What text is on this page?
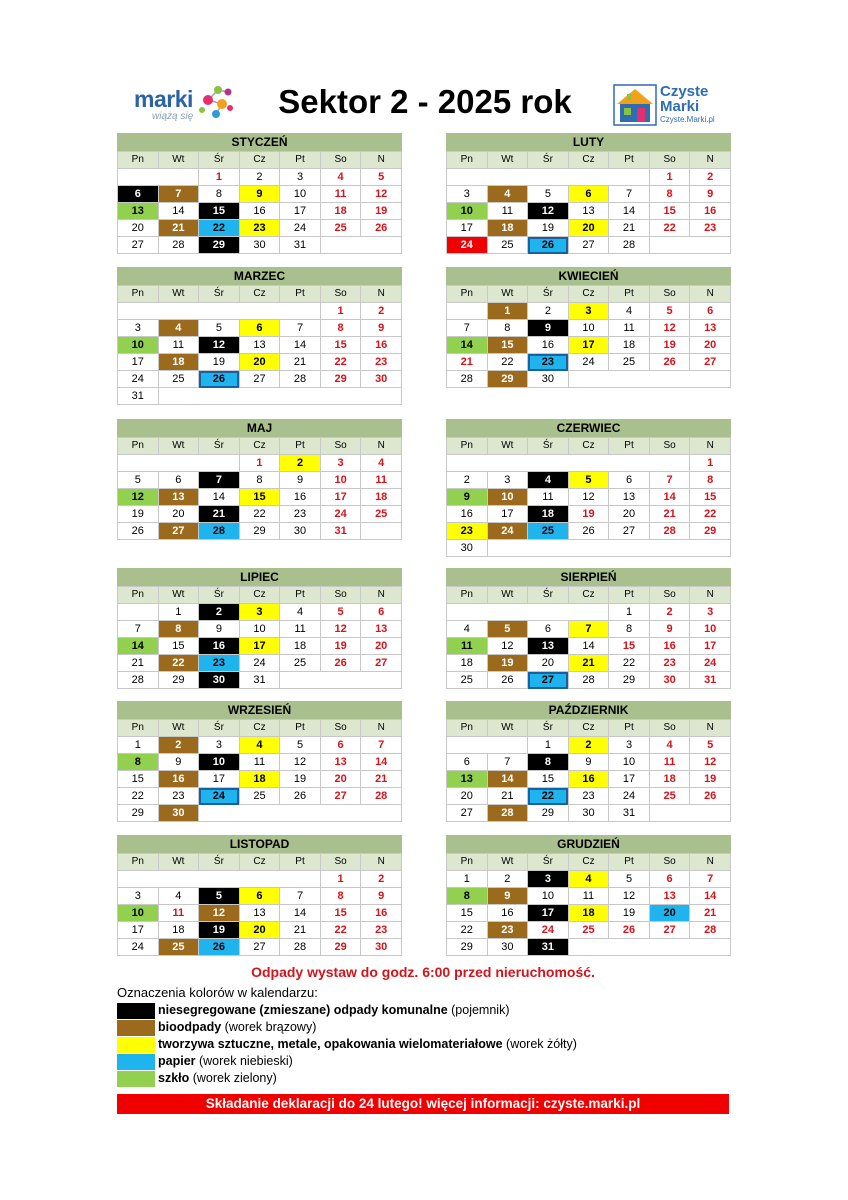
marki
wiążą się	Sektor 2 - 2025 rok	Czyste
Marki
Czyste.Marki.pl
STYCZEŃ
Pn	Wt	Śr	Cz	Pt	So	N
		1	2	3	4	5
6	7	8	9	10	11	12
13	14	15	16	17	18	19
20	21	22	23	24	25	26
27	28	29	30	31		
LUTY
Pn	Wt	Śr	Cz	Pt	So	N
					1	2
3	4	5	6	7	8	9
10	11	12	13	14	15	16
17	18	19	20	21	22	23
24	25	26	27	28		
MARZEC
Pn	Wt	Śr	Cz	Pt	So	N
					1	2
3	4	5	6	7	8	9
10	11	12	13	14	15	16
17	18	19	20	21	22	23
24	25	26	27	28	29	30
31						
KWIECIEŃ
Pn	Wt	Śr	Cz	Pt	So	N
	1	2	3	4	5	6
7	8	9	10	11	12	13
14	15	16	17	18	19	20
21	22	23	24	25	26	27
28	29	30				
MAJ
Pn	Wt	Śr	Cz	Pt	So	N
			1	2	3	4
5	6	7	8	9	10	11
12	13	14	15	16	17	18
19	20	21	22	23	24	25
26	27	28	29	30	31	
CZERWIEC
Pn	Wt	Śr	Cz	Pt	So	N
						1
2	3	4	5	6	7	8
9	10	11	12	13	14	15
16	17	18	19	20	21	22
23	24	25	26	27	28	29
30						
LIPIEC
Pn	Wt	Śr	Cz	Pt	So	N
	1	2	3	4	5	6
7	8	9	10	11	12	13
14	15	16	17	18	19	20
21	22	23	24	25	26	27
28	29	30	31			
SIERPIEŃ
Pn	Wt	Śr	Cz	Pt	So	N
				1	2	3
4	5	6	7	8	9	10
11	12	13	14	15	16	17
18	19	20	21	22	23	24
25	26	27	28	29	30	31
WRZESIEŃ
Pn	Wt	Śr	Cz	Pt	So	N
1	2	3	4	5	6	7
8	9	10	11	12	13	14
15	16	17	18	19	20	21
22	23	24	25	26	27	28
29	30					
PAŹDZIERNIK
Pn	Wt	Śr	Cz	Pt	So	N
		1	2	3	4	5
6	7	8	9	10	11	12
13	14	15	16	17	18	19
20	21	22	23	24	25	26
27	28	29	30	31		
LISTOPAD
Pn	Wt	Śr	Cz	Pt	So	N
					1	2
3	4	5	6	7	8	9
10	11	12	13	14	15	16
17	18	19	20	21	22	23
24	25	26	27	28	29	30
GRUDZIEŃ
Pn	Wt	Śr	Cz	Pt	So	N
1	2	3	4	5	6	7
8	9	10	11	12	13	14
15	16	17	18	19	20	21
22	23	24	25	26	27	28
29	30	31				
Odpady wystaw do godz. 6:00 przed nieruchomość.
Oznaczenia kolorów w kalendarzu:
niesegregowane (zmieszane) odpady komunalne (pojemnik)
bioodpady (worek brązowy)
tworzywa sztuczne, metale, opakowania wielomateriałowe (worek żółty)
papier (worek niebieski)
szkło (worek zielony)
Składanie deklaracji do 24 lutego! więcej informacji: czyste.marki.pl
